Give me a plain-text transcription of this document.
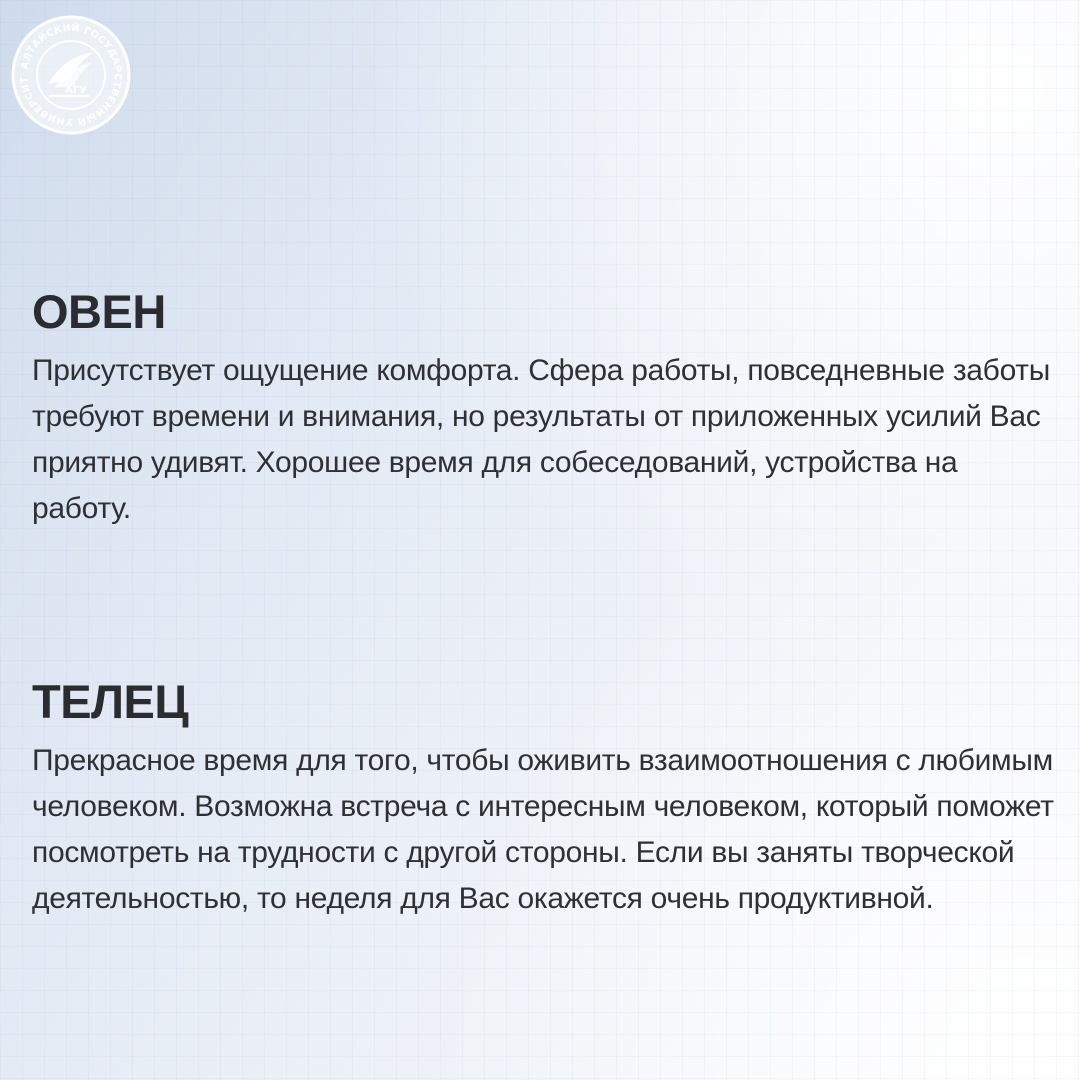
АЛТАЙСКИЙ ГОСУДАРСТВЕННЫЙ УНИВЕРСИТ
АГУ
ОВЕН

Присутствует ощущение комфорта. Сфера работы, повседневные заботы требуют времени и внимания, но результаты от приложенных усилий Вас приятно удивят. Хорошее время для собеседований, устройства на работу.

ТЕЛЕЦ

Прекрасное время для того, чтобы оживить взаимоотношения с любимым человеком. Возможна встреча с интересным человеком, который поможет посмотреть на трудности с другой стороны. Если вы заняты творческой деятельностью, то неделя для Вас окажется очень продуктивной.
